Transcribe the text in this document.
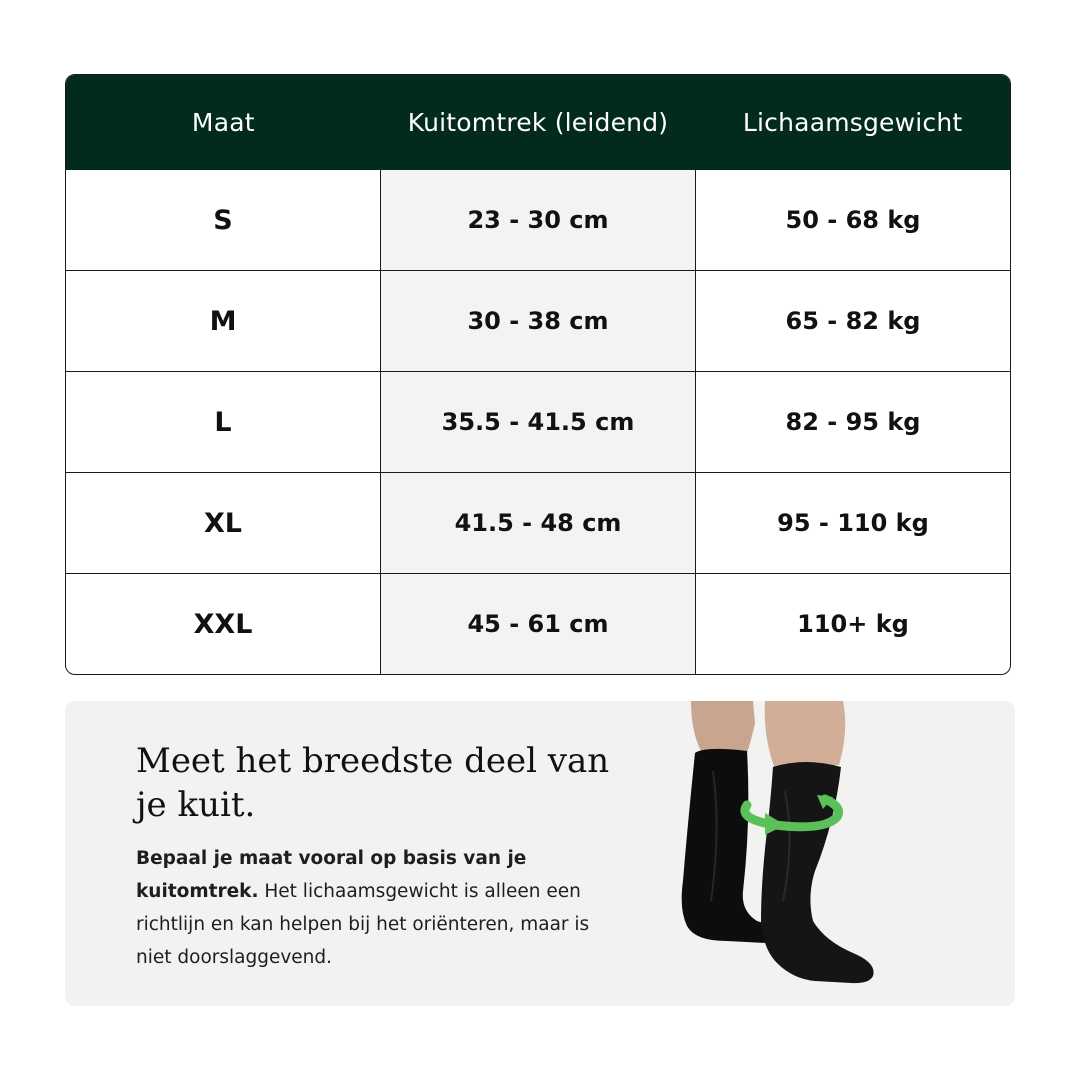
Maat	Kuitomtrek (leidend)	Lichaamsgewicht
S	23 - 30 cm	50 - 68 kg
M	30 - 38 cm	65 - 82 kg
L	35.5 - 41.5 cm	82 - 95 kg
XL	41.5 - 48 cm	95 - 110 kg
XXL	45 - 61 cm	110+ kg
Meet het breedste deel van je kuit.

Bepaal je maat vooral op basis van je kuitomtrek. Het lichaamsgewicht is alleen een richtlijn en kan helpen bij het oriënteren, maar is niet doorslaggevend.
